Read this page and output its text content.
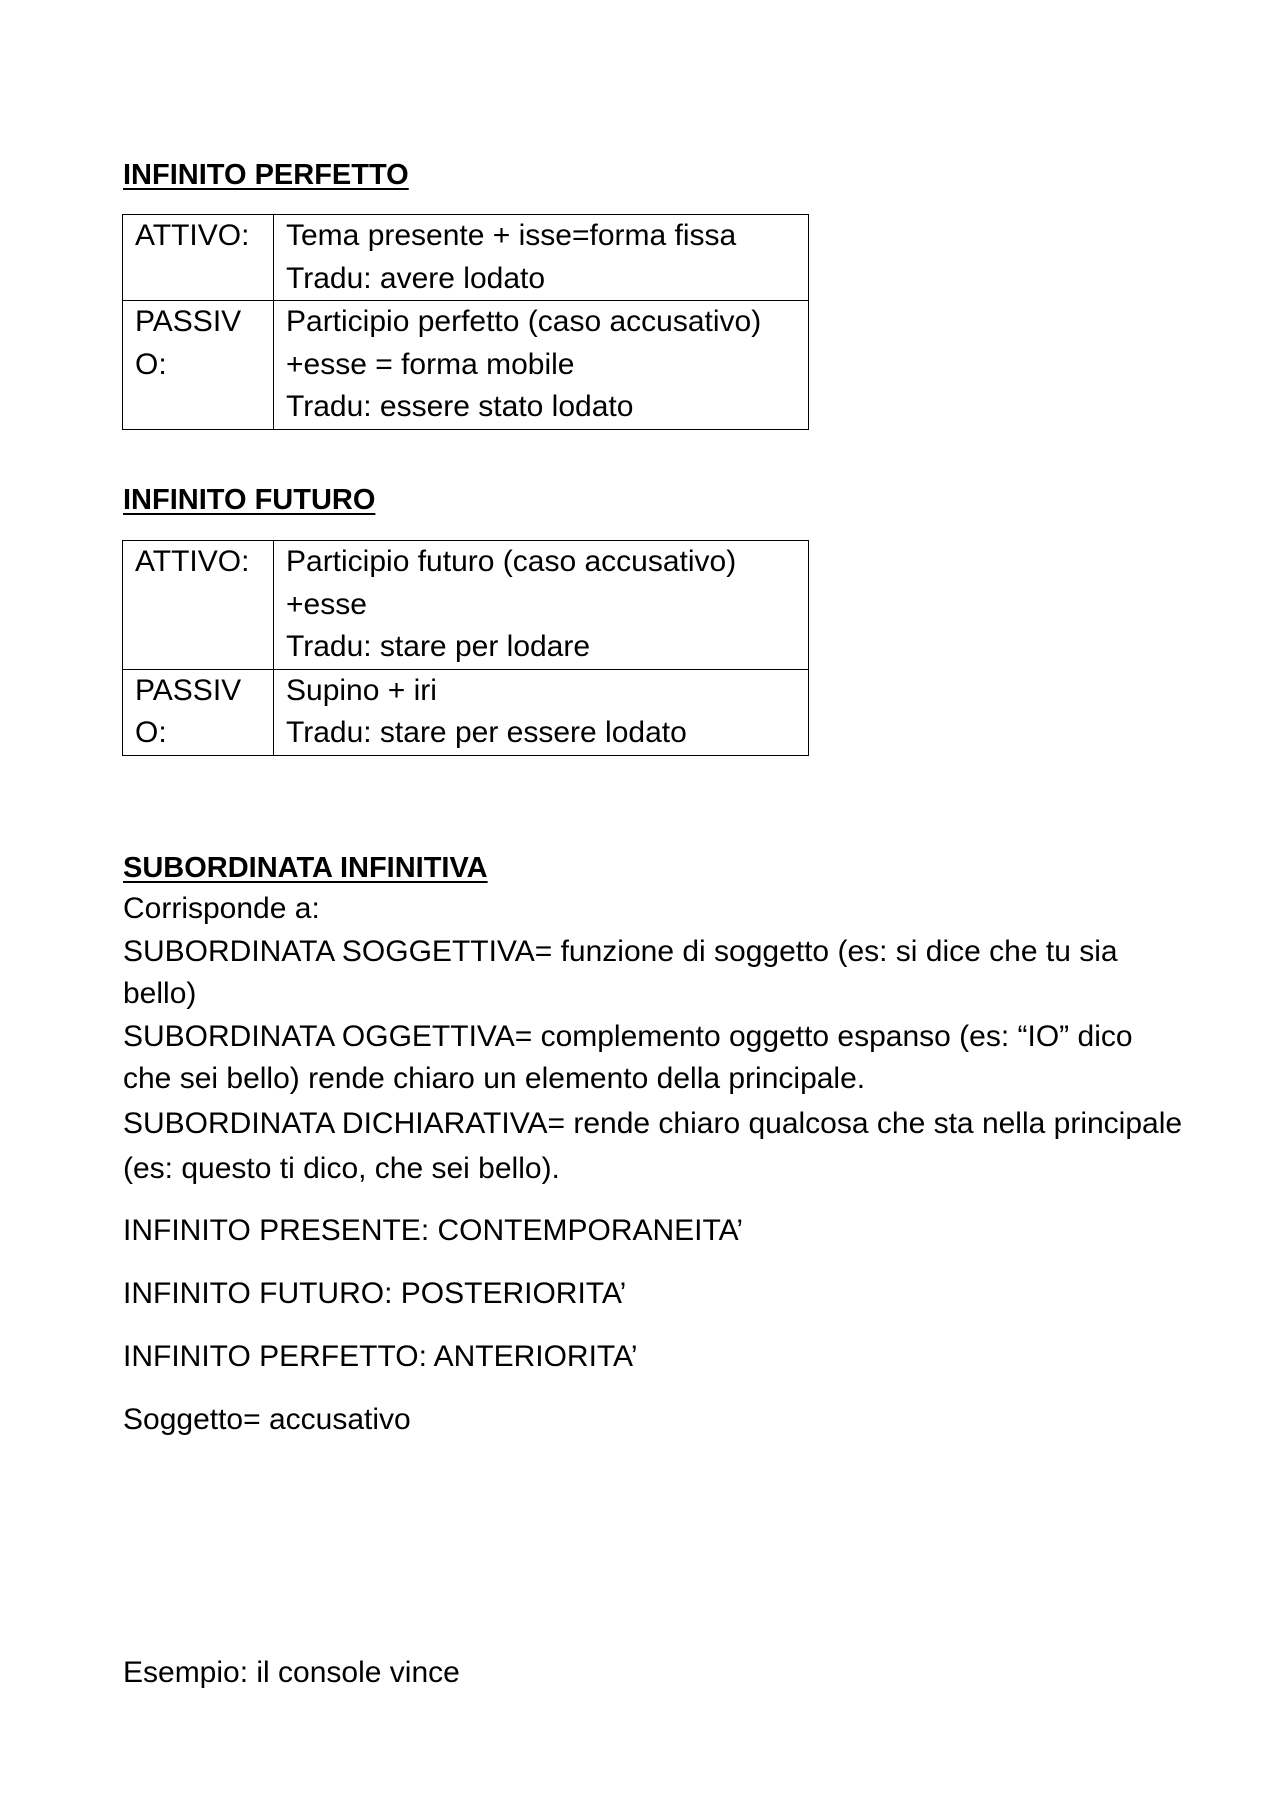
INFINITO PERFETTO
ATTIVO:	Tema presente + isse=forma fissa
Tradu: avere lodato

PASSIVO:	Participio perfetto (caso accusativo)
+esse = forma mobile
Tradu: essere stato lodato
INFINITO FUTURO
ATTIVO:	Participio futuro (caso accusativo)
+esse
Tradu: stare per lodare

PASSIVO:	Supino + iri
Tradu: stare per essere lodato
SUBORDINATA INFINITIVA
Corrisponde a:
SUBORDINATA SOGGETTIVA= funzione di soggetto (es: si dice che tu sia bello)
SUBORDINATA OGGETTIVA= complemento oggetto espanso (es: “IO” dico che sei bello) rende chiaro un elemento della principale.
SUBORDINATA DICHIARATIVA= rende chiaro qualcosa che sta nella principale (es: questo ti dico, che sei bello).
INFINITO PRESENTE: CONTEMPORANEITA’
INFINITO FUTURO: POSTERIORITA’
INFINITO PERFETTO: ANTERIORITA’
Soggetto= accusativo
Esempio: il console vince
